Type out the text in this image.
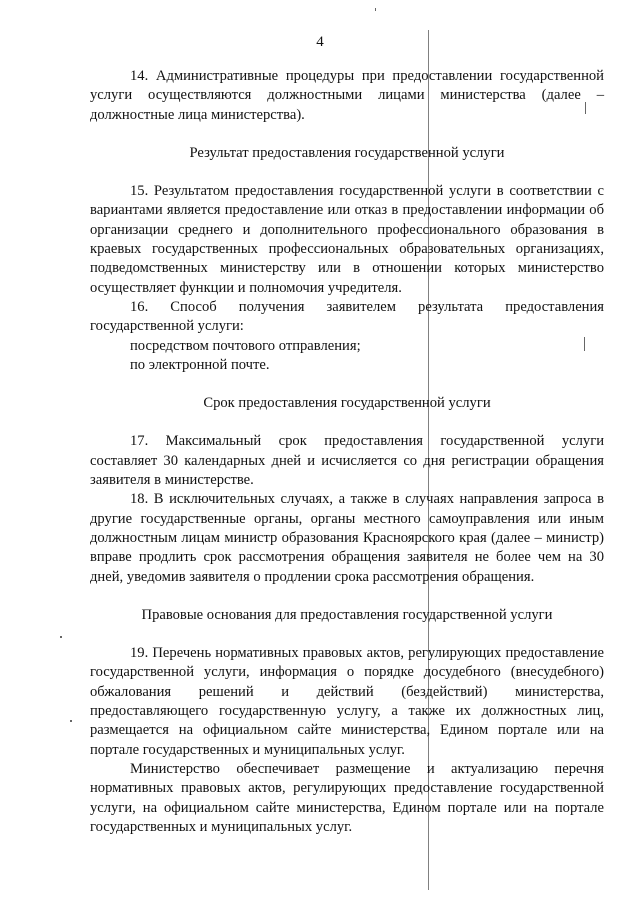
4

14. Административные процедуры при предоставлении государственной услуги осуществляются должностными лицами министерства (далее – должностные лица министерства).

Результат предоставления государственной услуги

15. Результатом предоставления государственной услуги в соответствии с вариантами является предоставление или отказ в предоставлении информации об организации среднего и дополнительного профессионального образования в краевых государственных профессиональных образовательных организациях, подведомственных министерству или в отношении которых министерство осуществляет функции и полномочия учредителя.

16. Способ получения заявителем результата предоставления государственной услуги:

посредством почтового отправления;

по электронной почте.

Срок предоставления государственной услуги

17. Максимальный срок предоставления государственной услуги составляет 30 календарных дней и исчисляется со дня регистрации обращения заявителя в министерстве.

18. В исключительных случаях, а также в случаях направления запроса в другие государственные органы, органы местного самоуправления или иным должностным лицам министр образования Красноярского края (далее – министр) вправе продлить срок рассмотрения обращения заявителя не более чем на 30 дней, уведомив заявителя о продлении срока рассмотрения обращения.

Правовые основания для предоставления государственной услуги

19. Перечень нормативных правовых актов, регулирующих предоставление государственной услуги, информация о порядке досудебного (внесудебного) обжалования решений и действий (бездействий) министерства, предоставляющего государственную услугу, а также их должностных лиц, размещается на официальном сайте министерства, Едином портале или на портале государственных и муниципальных услуг.

Министерство обеспечивает размещение и актуализацию перечня нормативных правовых актов, регулирующих предоставление государственной услуги, на официальном сайте министерства, Едином портале или на портале государственных и муниципальных услуг.
